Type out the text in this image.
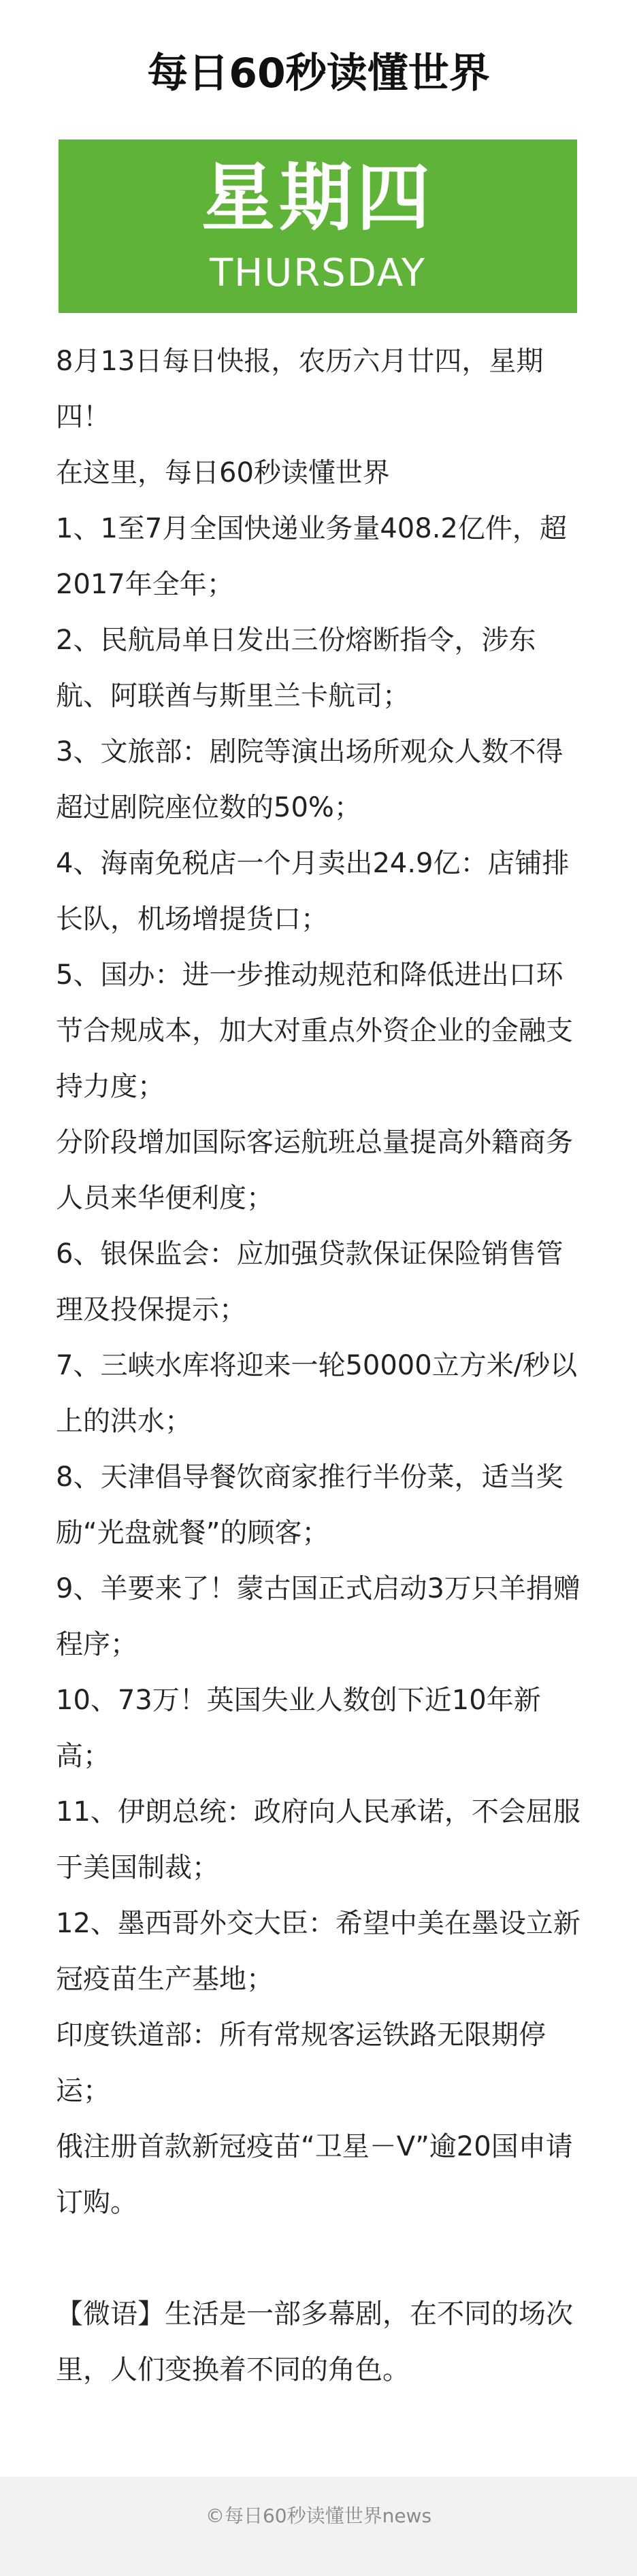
每日60秒读懂世界
星期四
THURSDAY

8月13日每日快报，农历六月廿四，星期四！

在这里，每日60秒读懂世界

1、1至7月全国快递业务量408.2亿件，超2017年全年；

2、民航局单日发出三份熔断指令，涉东航、阿联酋与斯里兰卡航司；

3、文旅部：剧院等演出场所观众人数不得超过剧院座位数的50%；

4、海南免税店一个月卖出24.9亿：店铺排长队，机场增提货口；

5、国办：进一步推动规范和降低进出口环节合规成本，加大对重点外资企业的金融支持力度；

分阶段增加国际客运航班总量提高外籍商务人员来华便利度；

6、银保监会：应加强贷款保证保险销售管理及投保提示；

7、三峡水库将迎来一轮50000立方米/秒以上的洪水；

8、天津倡导餐饮商家推行半份菜，适当奖励“光盘就餐”的顾客；

9、羊要来了！蒙古国正式启动3万只羊捐赠程序；

10、73万！英国失业人数创下近10年新高；

11、伊朗总统：政府向人民承诺，不会屈服于美国制裁；

12、墨西哥外交大臣：希望中美在墨设立新冠疫苗生产基地；

印度铁道部：所有常规客运铁路无限期停运；

俄注册首款新冠疫苗“卫星－Ⅴ”逾20国申请订购。

【微语】生活是一部多幕剧，在不同的场次里，人们变换着不同的角色。

©每日60秒读懂世界news
